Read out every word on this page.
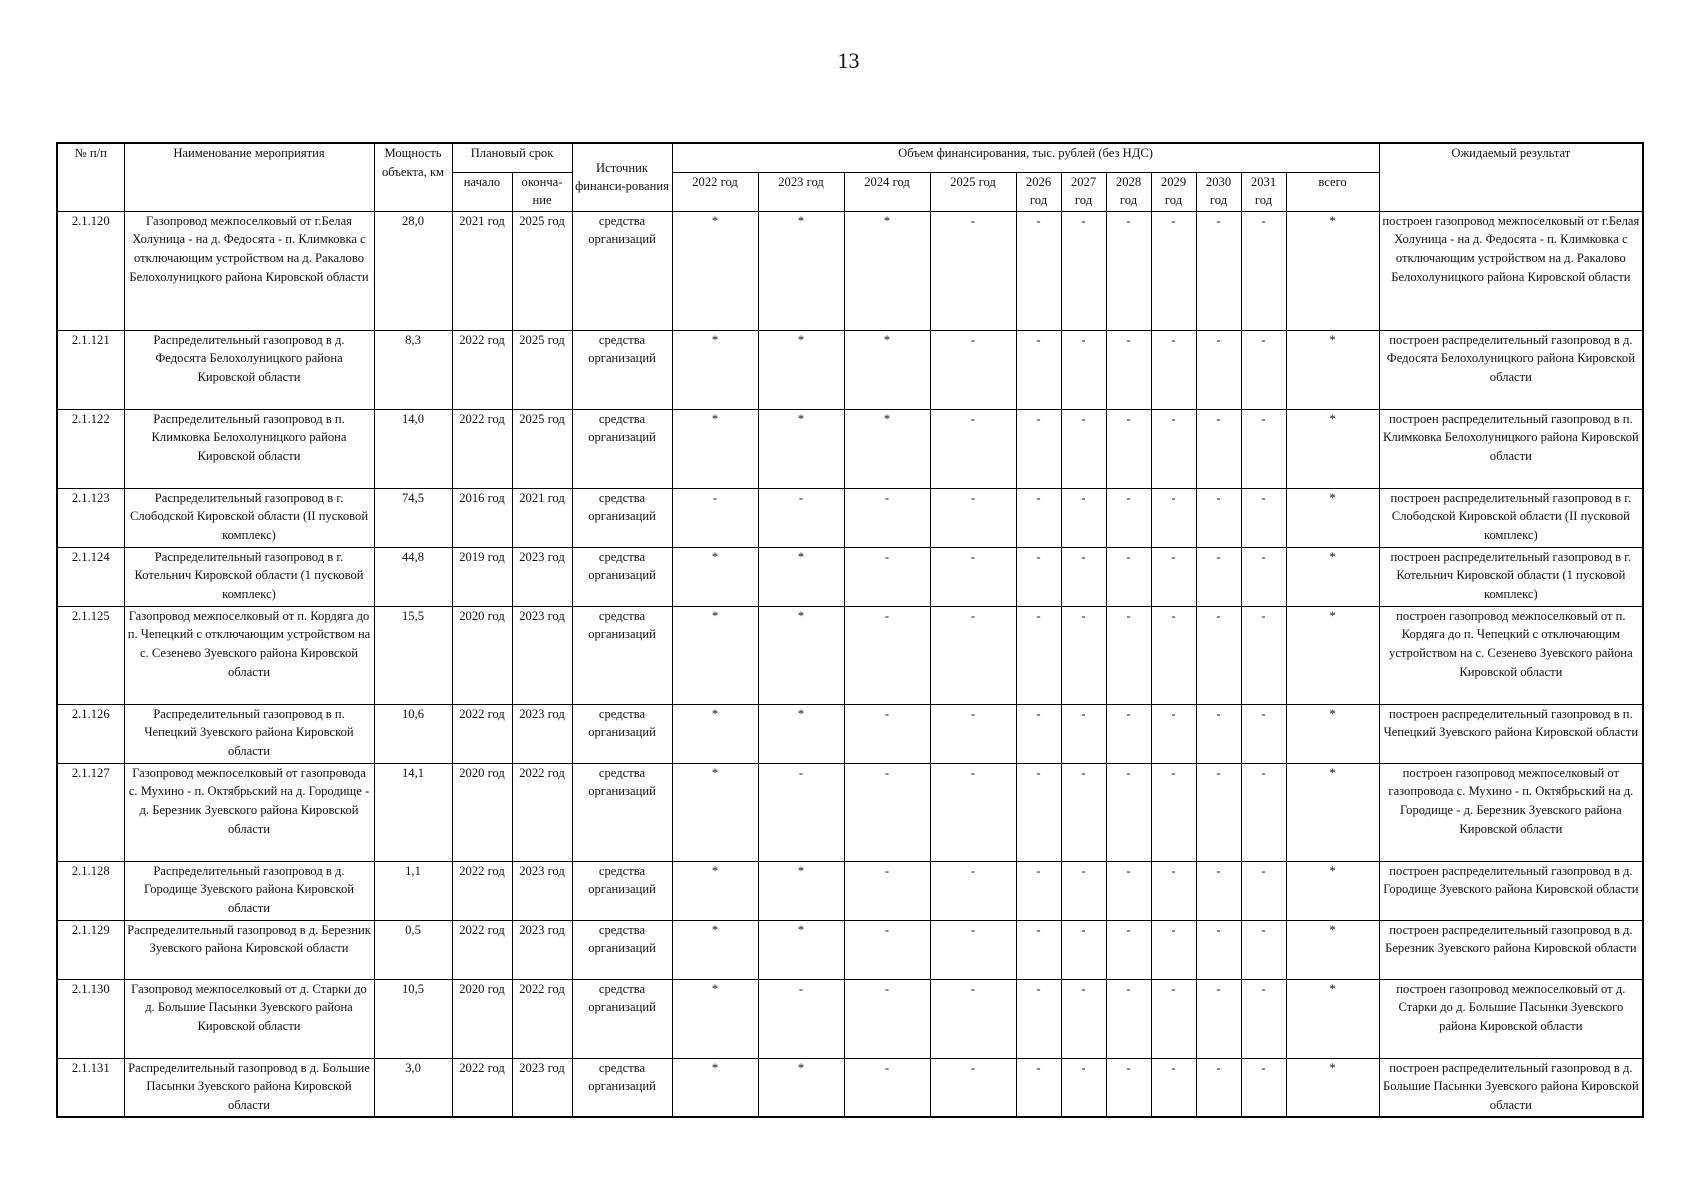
13
№ п/п	Наименование мероприятия	Мощность объекта, км	Плановый срок		Источник финанси-рования	Объем финансирования, тыс. рублей (без НДС)											Ожидаемый результат
			начало	оконча-ние		2022 год	2023 год	2024 год	2025 год	2026 год	2027 год	2028 год	2029 год	2030 год	2031 год	всего	
2.1.120	Газопровод межпоселковый от г.Белая Холуница - на д. Федосята - п. Климковка с отключающим устройством на д. Ракалово Белохолуницкого района Кировской области	28,0	2021 год	2025 год	средства организаций	*	*	*	-	-	-	-	-	-	-	*	построен газопровод межпоселковый от г.Белая Холуница - на д. Федосята - п. Климковка с отключающим устройством на д. Ракалово Белохолуницкого района Кировской области
2.1.121	Распределительный газопровод в д. Федосята Белохолуницкого района Кировской области	8,3	2022 год	2025 год	средства организаций	*	*	*	-	-	-	-	-	-	-	*	построен распределительный газопровод в д. Федосята Белохолуницкого района Кировской области
2.1.122	Распределительный газопровод в п. Климковка Белохолуницкого района Кировской области	14,0	2022 год	2025 год	средства организаций	*	*	*	-	-	-	-	-	-	-	*	построен распределительный газопровод в п. Климковка Белохолуницкого района Кировской области
2.1.123	Распределительный газопровод в г. Слободской Кировской области (II пусковой комплекс)	74,5	2016 год	2021 год	средства организаций	-	-	-	-	-	-	-	-	-	-	*	построен распределительный газопровод в г. Слободской Кировской области (II пусковой комплекс)
2.1.124	Распределительный газопровод в г. Котельнич Кировской области (1 пусковой комплекс)	44,8	2019 год	2023 год	средства организаций	*	*	-	-	-	-	-	-	-	-	*	построен распределительный газопровод в г. Котельнич Кировской области (1 пусковой комплекс)
2.1.125	Газопровод межпоселковый от п. Кордяга до п. Чепецкий с отключающим устройством на с. Сезенево Зуевского района Кировской области	15,5	2020 год	2023 год	средства организаций	*	*	-	-	-	-	-	-	-	-	*	построен газопровод межпоселковый от п. Кордяга до п. Чепецкий с отключающим устройством на с. Сезенево Зуевского района Кировской области
2.1.126	Распределительный газопровод в п. Чепецкий Зуевского района Кировской области	10,6	2022 год	2023 год	средства организаций	*	*	-	-	-	-	-	-	-	-	*	построен распределительный газопровод в п. Чепецкий Зуевского района Кировской области
2.1.127	Газопровод межпоселковый от газопровода с. Мухино - п. Октябрьский на д. Городище - д. Березник Зуевского района Кировской области	14,1	2020 год	2022 год	средства организаций	*	-	-	-	-	-	-	-	-	-	*	построен газопровод межпоселковый от газопровода с. Мухино - п. Октябрьский на д. Городище - д. Березник Зуевского района Кировской области
2.1.128	Распределительный газопровод в д. Городище Зуевского района Кировской области	1,1	2022 год	2023 год	средства организаций	*	*	-	-	-	-	-	-	-	-	*	построен распределительный газопровод в д. Городище Зуевского района Кировской области
2.1.129	Распределительный газопровод в д. Березник Зуевского района Кировской области	0,5	2022 год	2023 год	средства организаций	*	*	-	-	-	-	-	-	-	-	*	построен распределительный газопровод в д. Березник Зуевского района Кировской области
2.1.130	Газопровод межпоселковый от д. Старки до д. Большие Пасынки Зуевского района Кировской области	10,5	2020 год	2022 год	средства организаций	*	-	-	-	-	-	-	-	-	-	*	построен газопровод межпоселковый от д. Старки до д. Большие Пасынки Зуевского района Кировской области
2.1.131	Распределительный газопровод в д. Большие Пасынки Зуевского района Кировской области	3,0	2022 год	2023 год	средства организаций	*	*	-	-	-	-	-	-	-	-	*	построен распределительный газопровод в д. Большие Пасынки Зуевского района Кировской области
